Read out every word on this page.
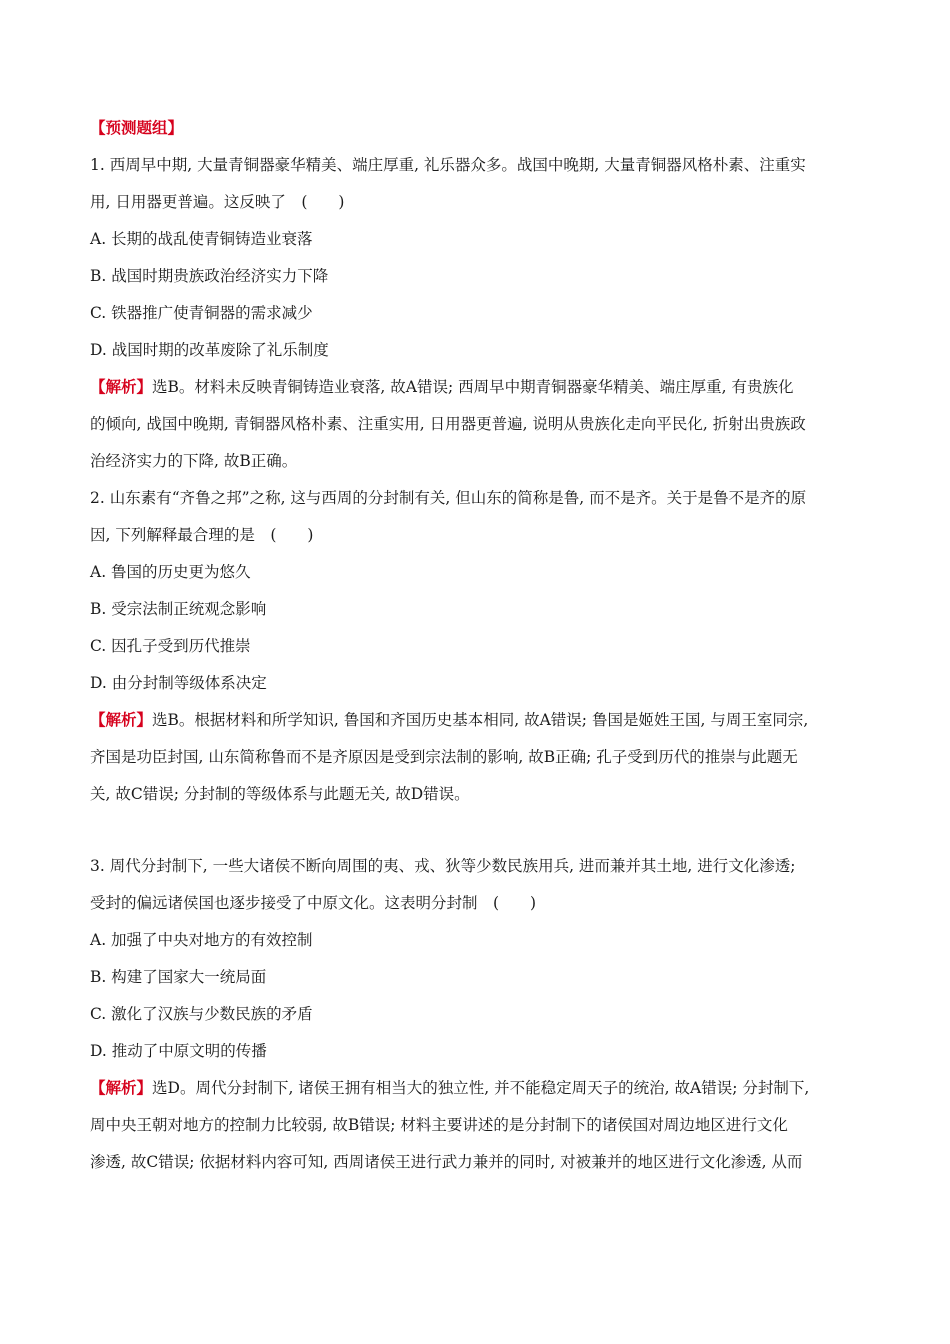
【预测题组】
1. 西周早中期, 大量青铜器豪华精美、端庄厚重, 礼乐器众多。战国中晚期, 大量青铜器风格朴素、注重实
用, 日用器更普遍。这反映了　(　　)
A. 长期的战乱使青铜铸造业衰落
B. 战国时期贵族政治经济实力下降
C. 铁器推广使青铜器的需求减少
D. 战国时期的改革废除了礼乐制度
【解析】选B。材料未反映青铜铸造业衰落, 故A错误; 西周早中期青铜器豪华精美、端庄厚重, 有贵族化
的倾向, 战国中晚期, 青铜器风格朴素、注重实用, 日用器更普遍, 说明从贵族化走向平民化, 折射出贵族政
治经济实力的下降, 故B正确。
2. 山东素有“齐鲁之邦”之称, 这与西周的分封制有关, 但山东的简称是鲁, 而不是齐。关于是鲁不是齐的原
因, 下列解释最合理的是　(　　)
A. 鲁国的历史更为悠久
B. 受宗法制正统观念影响
C. 因孔子受到历代推崇
D. 由分封制等级体系决定
【解析】选B。根据材料和所学知识, 鲁国和齐国历史基本相同, 故A错误; 鲁国是姬姓王国, 与周王室同宗,
齐国是功臣封国, 山东简称鲁而不是齐原因是受到宗法制的影响, 故B正确; 孔子受到历代的推崇与此题无
关, 故C错误; 分封制的等级体系与此题无关, 故D错误。
3. 周代分封制下, 一些大诸侯不断向周围的夷、戎、狄等少数民族用兵, 进而兼并其土地, 进行文化渗透;
受封的偏远诸侯国也逐步接受了中原文化。这表明分封制　(　　)
A. 加强了中央对地方的有效控制
B. 构建了国家大一统局面
C. 激化了汉族与少数民族的矛盾
D. 推动了中原文明的传播
【解析】选D。周代分封制下, 诸侯王拥有相当大的独立性, 并不能稳定周天子的统治, 故A错误; 分封制下,
周中央王朝对地方的控制力比较弱, 故B错误; 材料主要讲述的是分封制下的诸侯国对周边地区进行文化
渗透, 故C错误; 依据材料内容可知, 西周诸侯王进行武力兼并的同时, 对被兼并的地区进行文化渗透, 从而
